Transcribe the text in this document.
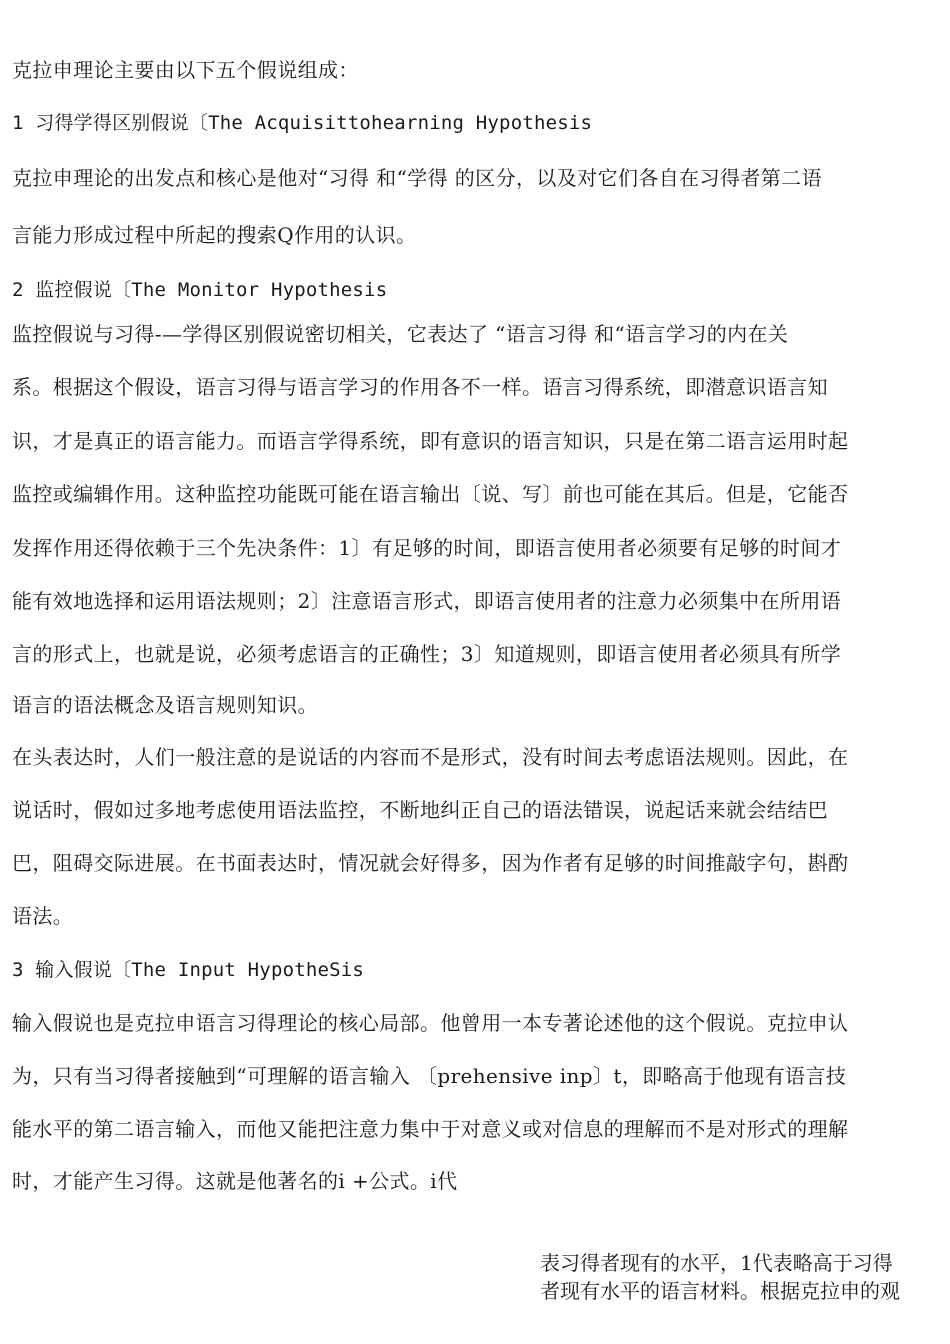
克拉申理论主要由以下五个假说组成：
1 习得学得区别假说〔The Acquisittohearning Hypothesis
克拉申理论的出发点和核心是他对“习得 和“学得 的区分，以及对它们各自在习得者第二语
言能力形成过程中所起的搜索Q作用的认识。
2 监控假说〔The Monitor Hypothesis
监控假说与习得-—学得区别假说密切相关，它表达了 “语言习得 和“语言学习的内在关
系。根据这个假设，语言习得与语言学习的作用各不一样。语言习得系统，即潜意识语言知
识，才是真正的语言能力。而语言学得系统，即有意识的语言知识，只是在第二语言运用时起
监控或编辑作用。这种监控功能既可能在语言输出〔说、写〕前也可能在其后。但是，它能否
发挥作用还得依赖于三个先决条件：1〕有足够的时间，即语言使用者必须要有足够的时间才
能有效地选择和运用语法规则；2〕注意语言形式，即语言使用者的注意力必须集中在所用语
言的形式上，也就是说，必须考虑语言的正确性；3〕知道规则，即语言使用者必须具有所学
语言的语法概念及语言规则知识。
在头表达时，人们一般注意的是说话的内容而不是形式，没有时间去考虑语法规则。因此，在
说话时，假如过多地考虑使用语法监控，不断地纠正自己的语法错误，说起话来就会结结巴
巴，阻碍交际进展。在书面表达时，情况就会好得多，因为作者有足够的时间推敲字句，斟酌
语法。
3 输入假说〔The Input HypotheSis
输入假说也是克拉申语言习得理论的核心局部。他曾用一本专著论述他的这个假说。克拉申认
为，只有当习得者接触到“可理解的语言输入 〔prehensive inp〕t，即略高于他现有语言技
能水平的第二语言输入，而他又能把注意力集中于对意义或对信息的理解而不是对形式的理解
时，才能产生习得。这就是他著名的i +公式。i代
表习得者现有的水平，1代表略高于习得
者现有水平的语言材料。根据克拉申的观
